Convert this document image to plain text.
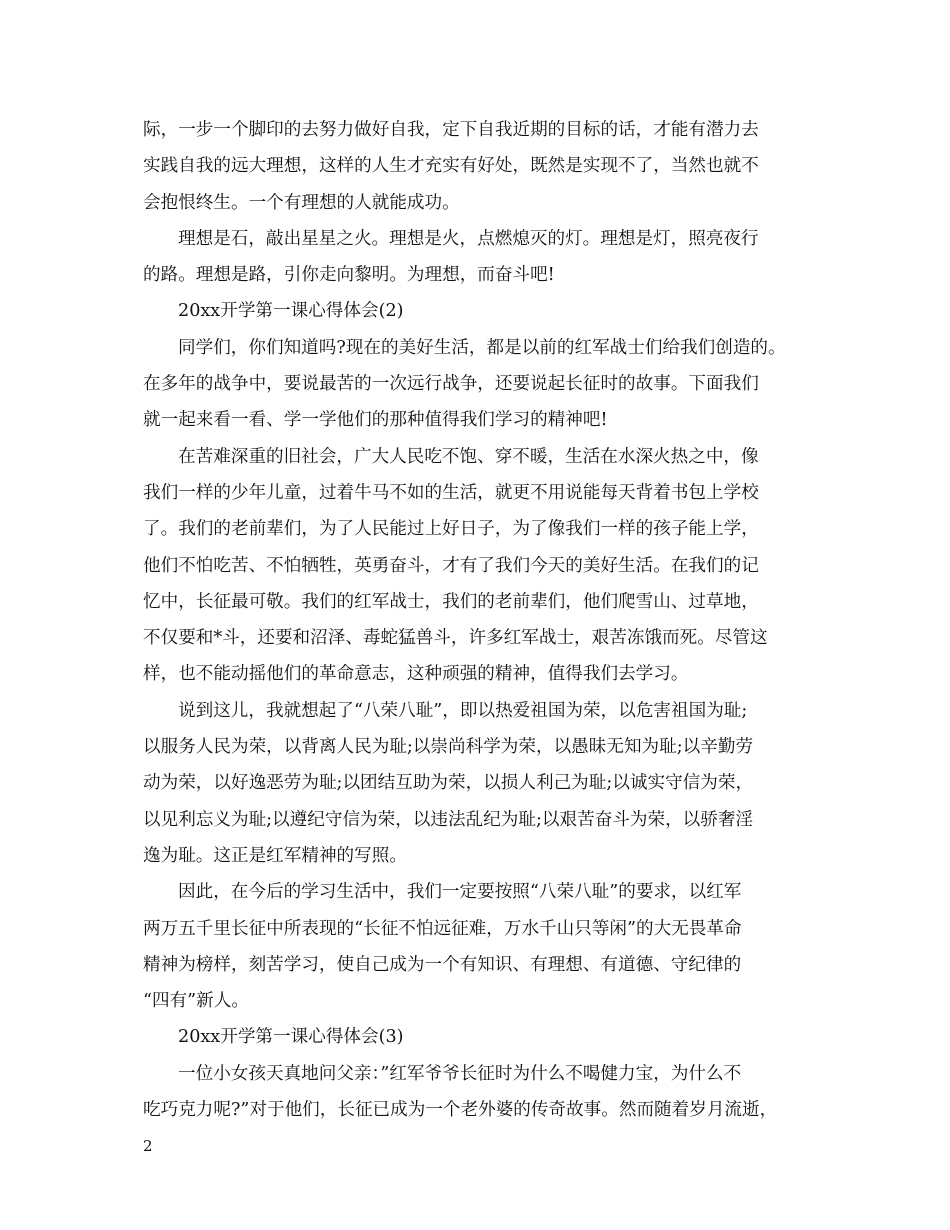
际，一步一个脚印的去努力做好自我，定下自我近期的目标的话，才能有潜力去
实践自我的远大理想，这样的人生才充实有好处，既然是实现不了，当然也就不
会抱恨终生。一个有理想的人就能成功。
理想是石，敲出星星之火。理想是火，点燃熄灭的灯。理想是灯，照亮夜行
的路。理想是路，引你走向黎明。为理想，而奋斗吧!
20xx开学第一课心得体会(2)
同学们，你们知道吗?现在的美好生活，都是以前的红军战士们给我们创造的。
在多年的战争中，要说最苦的一次远行战争，还要说起长征时的故事。下面我们
就一起来看一看、学一学他们的那种值得我们学习的精神吧!
在苦难深重的旧社会，广大人民吃不饱、穿不暖，生活在水深火热之中，像
我们一样的少年儿童，过着牛马不如的生活，就更不用说能每天背着书包上学校
了。我们的老前辈们，为了人民能过上好日子，为了像我们一样的孩子能上学，
他们不怕吃苦、不怕牺牲，英勇奋斗，才有了我们今天的美好生活。在我们的记
忆中，长征最可敬。我们的红军战士，我们的老前辈们，他们爬雪山、过草地，
不仅要和*斗，还要和沼泽、毒蛇猛兽斗，许多红军战士，艰苦冻饿而死。尽管这
样，也不能动摇他们的革命意志，这种顽强的精神，值得我们去学习。
说到这儿，我就想起了“八荣八耻”，即以热爱祖国为荣，以危害祖国为耻;
以服务人民为荣，以背离人民为耻;以崇尚科学为荣，以愚昧无知为耻;以辛勤劳
动为荣，以好逸恶劳为耻;以团结互助为荣，以损人利己为耻;以诚实守信为荣，
以见利忘义为耻;以遵纪守信为荣，以违法乱纪为耻;以艰苦奋斗为荣，以骄奢淫
逸为耻。这正是红军精神的写照。
因此，在今后的学习生活中，我们一定要按照“八荣八耻”的要求，以红军
两万五千里长征中所表现的“长征不怕远征难，万水千山只等闲”的大无畏革命
精神为榜样，刻苦学习，使自己成为一个有知识、有理想、有道德、守纪律的
“四有”新人。
20xx开学第一课心得体会(3)
一位小女孩天真地问父亲：”红军爷爷长征时为什么不喝健力宝，为什么不
吃巧克力呢?”对于他们，长征已成为一个老外婆的传奇故事。然而随着岁月流逝，
2
